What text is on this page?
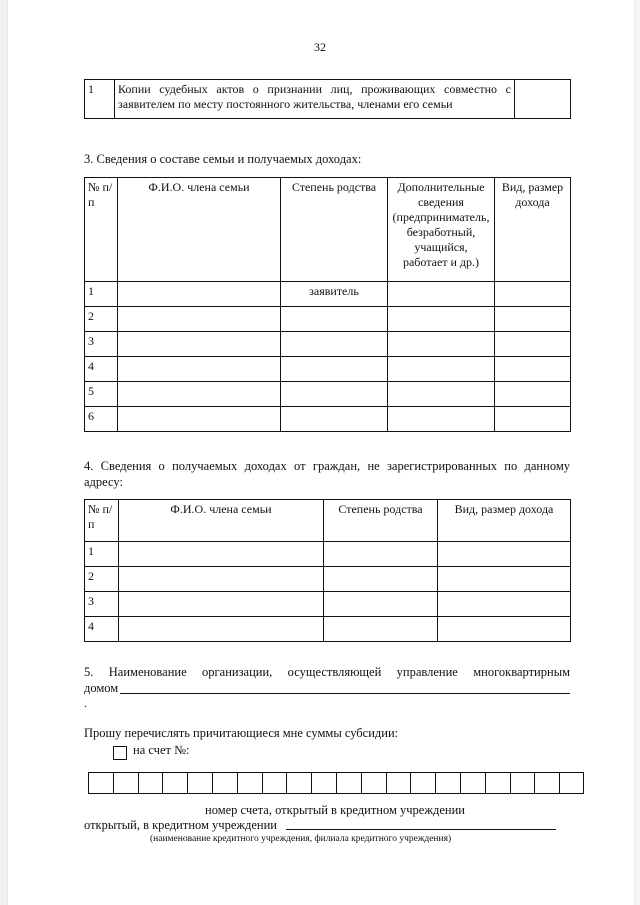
32
1	Копии судебных актов о признании лиц, проживающих совместно с заявителем по месту постоянного жительства, членами его семьи	
3. Сведения о составе семьи и получаемых доходах:
№ п/п	Ф.И.О. члена семьи	Степень родства	Дополнительные сведения (предприниматель, безработный, учащийся, работает и др.)	Вид, размер дохода
1		заявитель		
2				
3				
4				
5				
6				
4. Сведения о получаемых доходах от граждан, не зарегистрированных по данному адресу:
№ п/п	Ф.И.О. члена семьи	Степень родства	Вид, размер дохода
1			
2			
3			
4			
5. Наименование организации, осуществляющей управление многоквартирным
домом
.
Прошу перечислять причитающиеся мне суммы субсидии:
на счет №:
номер счета, открытый в кредитном учреждении
открытый, в кредитном учреждении
(наименование кредитного учреждения, филиала кредитного учреждения)
